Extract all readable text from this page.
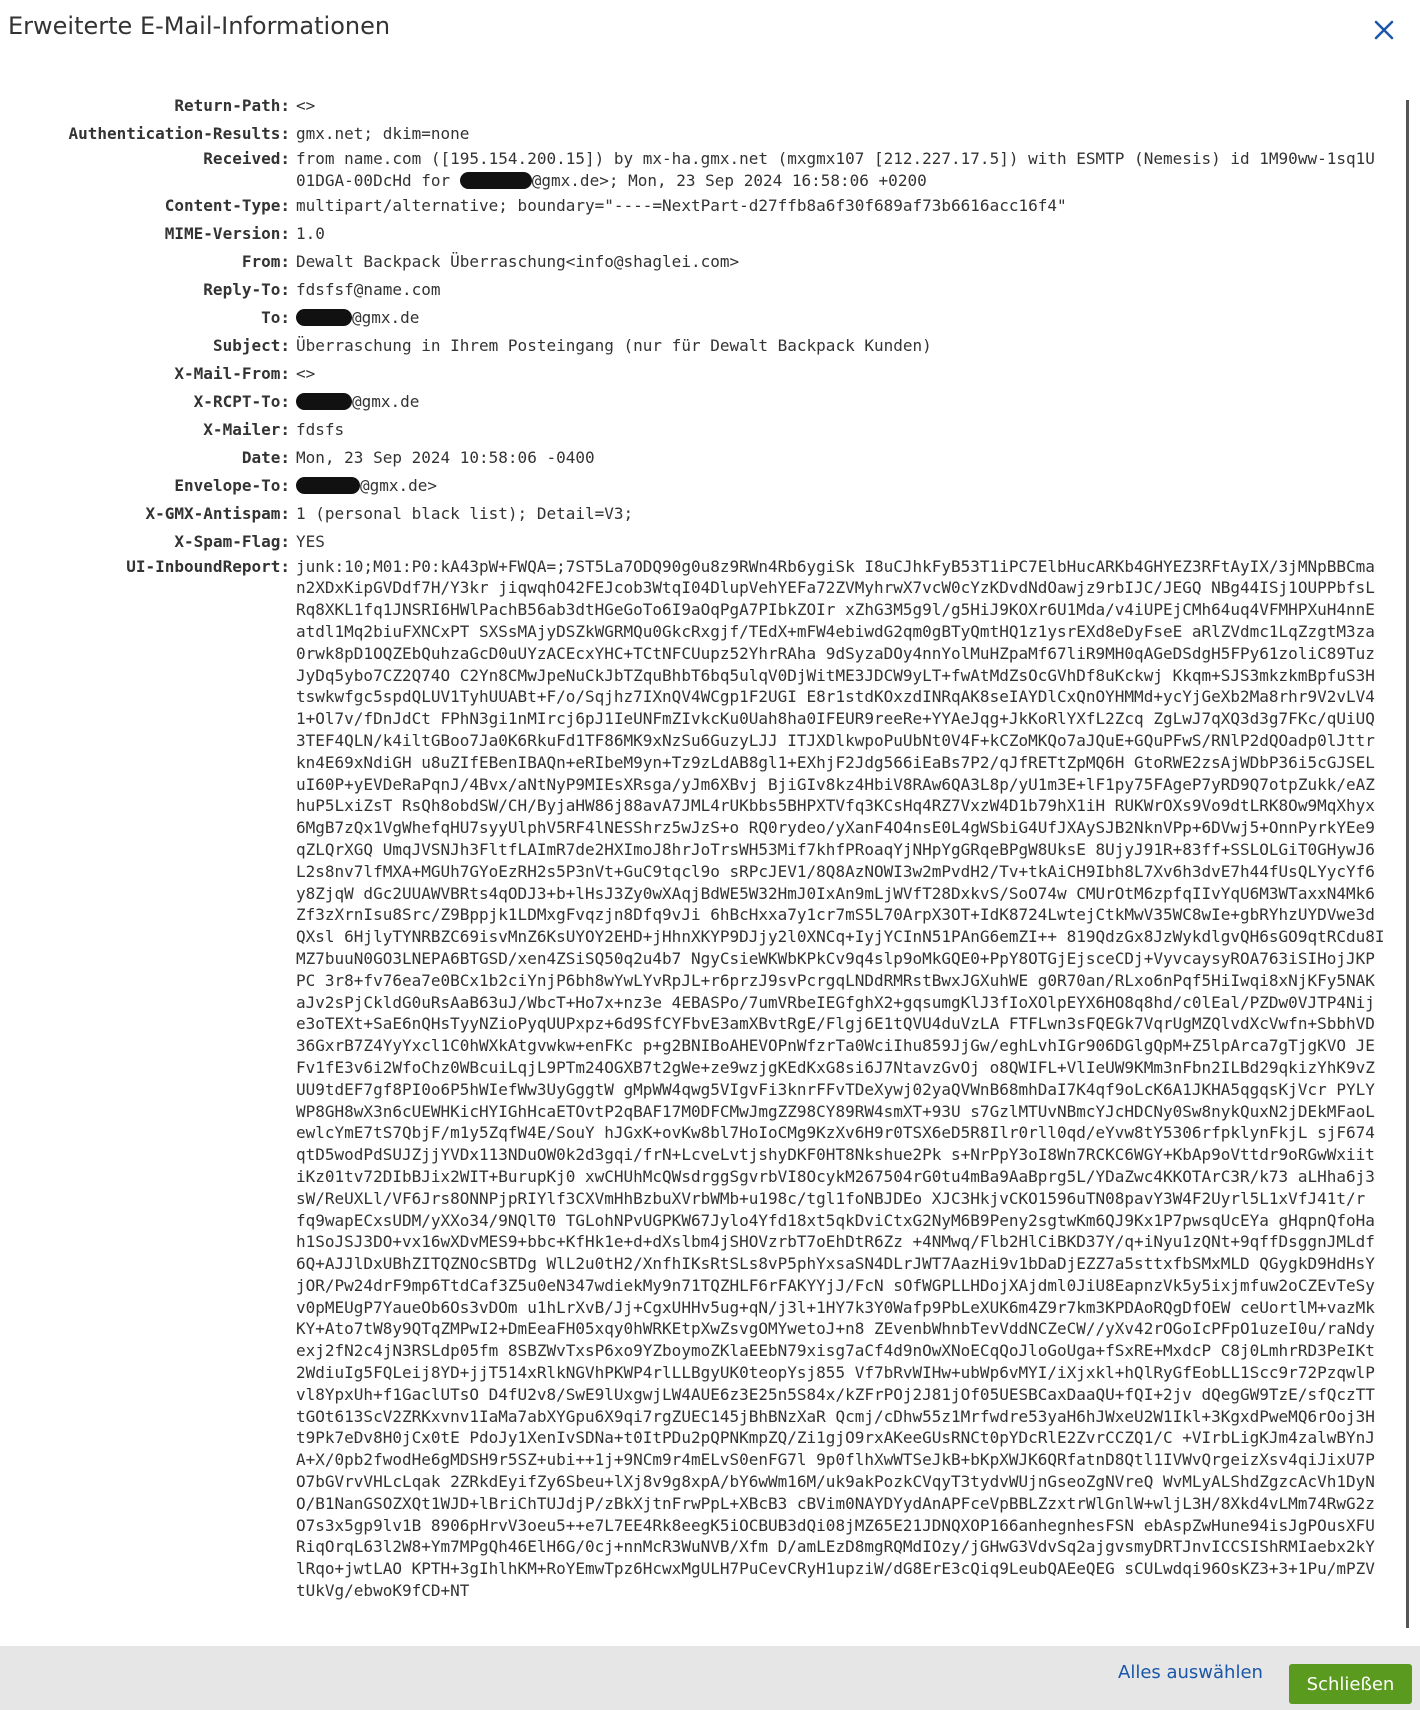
Erweiterte E-Mail-Informationen
Return-Path: <>
Authentication-Results: gmx.net; dkim=none
Received: from name.com ([195.154.200.15]) by mx-ha.gmx.net (mxgmx107 [212.227.17.5]) with ESMTP (Nemesis) id 1M90ww-1sq1U
01DGA-00DcHd for	@gmx.de>; Mon, 23 Sep 2024 16:58:06 +0200
Content-Type: multipart/alternative; boundary="----=NextPart-d27ffb8a6f30f689af73b6616acc16f4"
MIME-Version: 1.0
From: Dewalt Backpack Überraschung<info@shaglei.com>
Reply-To: fdsfsf@name.com
To:	@gmx.de
Subject: Überraschung in Ihrem Posteingang (nur für Dewalt Backpack Kunden)
X-Mail-From: <>
X-RCPT-To:	@gmx.de
X-Mailer: fdsfs
Date: Mon, 23 Sep 2024 10:58:06 -0400
Envelope-To:	@gmx.de>
X-GMX-Antispam: 1 (personal black list); Detail=V3;
X-Spam-Flag: YES
UI-InboundReport: junk:10;M01:P0:kA43pW+FWQA=;7ST5La7ODQ90g0u8z9RWn4Rb6ygiSk I8uCJhkFyB53T1iPC7ElbHucARKb4GHYEZ3RFtAyIX/3jMNpBBCma
n2XDxKipGVDdf7H/Y3kr jiqwqhO42FEJcob3WtqI04DlupVehYEFa72ZVMyhrwX7vcW0cYzKDvdNdOawjz9rbIJC/JEGQ NBg44ISj1OUPPbfsL
Rq8XKL1fq1JNSRI6HWlPachB56ab3dtHGeGoTo6I9aOqPgA7PIbkZOIr xZhG3M5g9l/g5HiJ9KOXr6U1Mda/v4iUPEjCMh64uq4VFMHPXuH4nnE
atdl1Mq2biuFXNCxPT SXSsMAjyDSZkWGRMQu0GkcRxgjf/TEdX+mFW4ebiwdG2qm0gBTyQmtHQ1z1ysrEXd8eDyFseE aRlZVdmc1LqZzgtM3za
0rwk8pD1OQZEbQuhzaGcD0uUYzACEcxYHC+TCtNFCUupz52YhrRAha 9dSyzaDOy4nnYolMuHZpaMf67liR9MH0qAGeDSdgH5FPy61zoliC89Tuz
JyDq5ybo7CZ2Q74O C2Yn8CMwJpeNuCkJbTZquBhbT6bq5ulqV0DjWitME3JDCW9yLT+fwAtMdZsOcGVhDf8uKckwj Kkqm+SJS3mkzkmBpfuS3H
tswkwfgc5spdQLUV1TyhUUABt+F/o/Sqjhz7IXnQV4WCgp1F2UGI E8r1stdKOxzdINRqAK8seIAYDlCxQnOYHMMd+ycYjGeXb2Ma8rhr9V2vLV4
1+Ol7v/fDnJdCt FPhN3gi1nMIrcj6pJ1IeUNFmZIvkcKu0Uah8ha0IFEUR9reeRe+YYAeJqg+JkKoRlYXfL2Zcq ZgLwJ7qXQ3d3g7FKc/qUiUQ
3TEF4QLN/k4iltGBoo7Ja0K6RkuFd1TF86MK9xNzSu6GuzyLJJ ITJXDlkwpoPuUbNt0V4F+kCZoMKQo7aJQuE+GQuPFwS/RNlP2dQOadp0lJttr
kn4E69xNdiGH u8uZIfEBenIBAQn+eRIbeM9yn+Tz9zLdAB8gl1+EXhjF2Jdg566iEaBs7P2/qJfRETtZpMQ6H GtoRWE2zsAjWDbP36i5cGJSEL
uI60P+yEVDeRaPqnJ/4Bvx/aNtNyP9MIEsXRsga/yJm6XBvj BjiGIv8kz4HbiV8RAw6QA3L8p/yU1m3E+lF1py75FAgeP7yRD9Q7otpZukk/eAZ
huP5LxiZsT RsQh8obdSW/CH/ByjaHW86j88avA7JML4rUKbbs5BHPXTVfq3KCsHq4RZ7VxzW4D1b79hX1iH RUKWrOXs9Vo9dtLRK8Ow9MqXhyx
6MgB7zQx1VgWhefqHU7syyUlphV5RF4lNESShrz5wJzS+o RQ0rydeo/yXanF4O4nsE0L4gWSbiG4UfJXAySJB2NknVPp+6DVwj5+OnnPyrkYEe9
qZLQrXGQ UmqJVSNJh3FltfLAImR7de2HXImoJ8hrJoTrsWH53Mif7khfPRoaqYjNHpYgGRqeBPgW8UksE 8UjyJ91R+83ff+SSLOLGiT0GHywJ6
L2s8nv7lfMXA+MGUh7GYoEzRH2s5P3nVt+GuC9tqcl9o sRPcJEV1/8Q8AzNOWI3w2mPvdH2/Tv+tkAiCH9Ibh8L7Xv6h3dvE7h44fUsQLYycYf6
y8ZjqW dGc2UUAWVBRts4qODJ3+b+lHsJ3Zy0wXAqjBdWE5W32HmJ0IxAn9mLjWVfT28DxkvS/SoO74w CMUrOtM6zpfqIIvYqU6M3WTaxxN4Mk6
Zf3zXrnIsu8Src/Z9Bppjk1LDMxgFvqzjn8Dfq9vJi 6hBcHxxa7y1cr7mS5L70ArpX3OT+IdK8724LwtejCtkMwV35WC8wIe+gbRYhzUYDVwe3d
QXsl 6HjlyTYNRBZC69isvMnZ6KsUYOY2EHD+jHhnXKYP9DJjy2l0XNCq+IyjYCInN51PAnG6emZI++ 819QdzGx8JzWykdlgvQH6sGO9qtRCdu8I
MZ7buuN0GO3LNEPA6BTGSD/xen4ZSiSQ50q2u4b7 NgyCsieWKWbKPkCv9q4slp9oMkGQE0+PpY8OTGjEjsceCDj+VyvcaysyROA763iSIHojJKP
PC 3r8+fv76ea7e0BCx1b2ciYnjP6bh8wYwLYvRpJL+r6przJ9svPcrgqLNDdRMRstBwxJGXuhWE g0R70an/RLxo6nPqf5HiIwqi8xNjKFy5NAK
aJv2sPjCkldG0uRsAaB63uJ/WbcT+Ho7x+nz3e 4EBASPo/7umVRbeIEGfghX2+gqsumgKlJ3fIoXOlpEYX6HO8q8hd/c0lEal/PZDw0VJTP4Nij
e3oTEXt+SaE6nQHsTyyNZioPyqUUPxpz+6d9SfCYFbvE3amXBvtRgE/Flgj6E1tQVU4duVzLA FTFLwn3sFQEGk7VqrUgMZQlvdXcVwfn+SbbhVD
36GxrB7Z4YyYxcl1C0hWXkAtgvwkw+enFKc p+g2BNIBoAHEVOPnWfzrTa0WciIhu859JjGw/eghLvhIGr906DGlgQpM+Z5lpArca7gTjgKVO JE
Fv1fE3v6i2WfoChz0WBcuiLqjL9PTm24OGXB7t2gWe+ze9wzjgKEdKxG8si6J7NtavzGvOj o8QWIFL+VlIeUW9KMm3nFbn2ILBd29qkizYhK9vZ
UU9tdEF7gf8PI0o6P5hWIefWw3UyGggtW gMpWW4qwg5VIgvFi3knrFFvTDeXywj02yaQVWnB68mhDaI7K4qf9oLcK6A1JKHA5qgqsKjVcr PYLY
WP8GH8wX3n6cUEWHKicHYIGhHcaETOvtP2qBAF17M0DFCMwJmgZZ98CY89RW4smXT+93U s7GzlMTUvNBmcYJcHDCNy0Sw8nykQuxN2jDEkMFaoL
ewlcYmE7tS7QbjF/m1y5ZqfW4E/SouY hJGxK+ovKw8bl7HoIoCMg9KzXv6H9r0TSX6eD5R8Ilr0rll0qd/eYvw8tY5306rfpklynFkjL sjF674
qtD5wodPdSUJZjjYVDx113NDuOW0k2d3gqi/frN+LcveLvtjshyDKF0HT8Nkshue2Pk s+NrPpY3oI8Wn7RCKC6WGY+KbAp9oVttdr9oRGwWxiit
iKz01tv72DIbBJix2WIT+BurupKj0 xwCHUhMcQWsdrggSgvrbVI8OcykM267504rG0tu4mBa9AaBprg5L/YDaZwc4KKOTArC3R/k73 aLHha6j3
sW/ReUXLl/VF6Jrs8ONNPjpRIYlf3CXVmHhBzbuXVrbWMb+u198c/tgl1foNBJDEo XJC3HkjvCKO1596uTN08pavY3W4F2Uyrl5L1xVfJ41t/r
fq9wapECxsUDM/yXXo34/9NQlT0 TGLohNPvUGPKW67Jylo4Yfd18xt5qkDviCtxG2NyM6B9Peny2sgtwKm6QJ9Kx1P7pwsqUcEYa gHqpnQfoHa
h1SoJSJ3DO+vx16wXDvMES9+bbc+KfHk1e+d+dXslbm4jSHOVzrbT7oEhDtR6Zz +4NMwq/Flb2HlCiBKD37Y/q+iNyu1zQNt+9qffDsggnJMLdf
6Q+AJJlDxUBhZITQZNOcSBTDg WlL2u0tH2/XnfhIKsRtSLs8vP5phYxsaSN4DLrJWT7AazHi9v1bDaDjEZZ7a5sttxfbSMxMLD QGygkD9HdHsY
jOR/Pw24drF9mp6TtdCaf3Z5u0eN347wdiekMy9n71TQZHLF6rFAKYYjJ/FcN sOfWGPLLHDojXAjdml0JiU8EapnzVk5y5ixjmfuw2oCZEvTeSy
v0pMEUgP7YaueOb6Os3vDOm u1hLrXvB/Jj+CgxUHHv5ug+qN/j3l+1HY7k3Y0Wafp9PbLeXUK6m4Z9r7km3KPDAoRQgDfOEW ceUortlM+vazMk
KY+Ato7tW8y9QTqZMPwI2+DmEeaFH05xqy0hWRKEtpXwZsvgOMYwetoJ+n8 ZEvenbWhnbTevVddNCZeCW//yXv42rOGoIcPFpO1uzeI0u/raNdy
exj2fN2c4jN3RSLdp05fm 8SBZWvTxsP6xo9YZboymoZKlaEEbN79xisg7aCf4d9nOwXNoECqQoJloGoUga+fSxRE+MxdcP C8j0LmhrRD3PeIKt
2WdiuIg5FQLeij8YD+jjT514xRlkNGVhPKWP4rlLLBgyUK0teopYsj855 Vf7bRvWIHw+ubWp6vMYI/iXjxkl+hQlRyGfEobLL1Scc9r72PzqwlP
vl8YpxUh+f1GaclUTsO D4fU2v8/SwE9lUxgwjLW4AUE6z3E25n5S84x/kZFrPOj2J81jOf05UESBCaxDaaQU+fQI+2jv dQegGW9TzE/sfQczTT
tGOt613ScV2ZRKxvnv1IaMa7abXYGpu6X9qi7rgZUEC145jBhBNzXaR Qcmj/cDhw55z1Mrfwdre53yaH6hJWxeU2W1Ikl+3KgxdPweMQ6rOoj3H
t9Pk7eDv8H0jCx0tE PdoJy1XenIvSDNa+t0ItPDu2pQPNKmpZQ/Zi1gjO9rxAKeeGUsRNCt0pYDcRlE2ZvrCCZQ1/C +VIrbLigKJm4zalwBYnJ
A+X/0pb2fwodHe6gMDSH9r5SZ+ubi++1j+9NCm9r4mELvS0enFG7l 9p0flhXwWTSeJkB+bKpXWJK6QRfatnD8Qtl1IVWvQrgeizXsv4qiJixU7P
O7bGVrvVHLcLqak 2ZRkdEyifZy6Sbeu+lXj8v9g8xpA/bY6wWm16M/uk9akPozkCVqyT3tydvWUjnGseoZgNVreQ WvMLyALShdZgzcAcVh1DyN
O/B1NanGSOZXQt1WJD+lBriChTUJdjP/zBkXjtnFrwPpL+XBcB3 cBVim0NAYDYydAnAPFceVpBBLZzxtrWlGnlW+wljL3H/8Xkd4vLMm74RwG2z
O7s3x5gp9lv1B 8906pHrvV3oeu5++e7L7EE4Rk8eegK5iOCBUB3dQi08jMZ65E21JDNQXOP166anhegnhesFSN ebAspZwHune94isJgPOusXFU
RiqOrqL63l2W8+Ym7MPgQh46ElH6G/0cj+nnMcR3WuNVB/Xfm D/amLEzD8mgRQMdIOzy/jGHwG3VdvSq2ajgvsmyDRTJnvICCSIShRMIaebx2kY
lRqo+jwtLAO KPTH+3gIhlhKM+RoYEmwTpz6HcwxMgULH7PuCevCRyH1upziW/dG8ErE3cQiq9LeubQAEeQEG sCULwdqi96OsKZ3+3+1Pu/mPZV
tUkVg/ebwoK9fCD+NT
Alles auswählen
Schließen
